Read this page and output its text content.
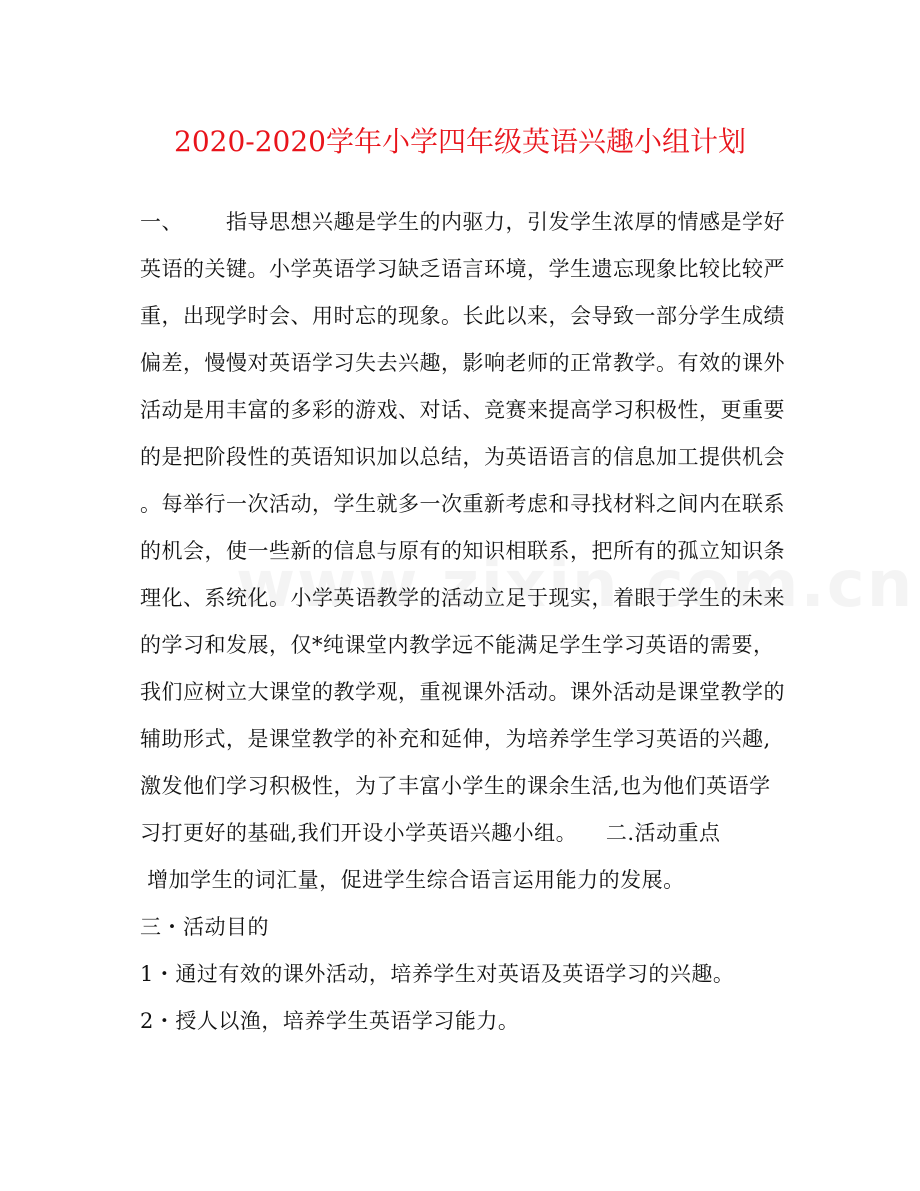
2020-2020学年小学四年级英语兴趣小组计划
一、      指导思想兴趣是学生的内驱力，引发学生浓厚的情感是学好
英语的关键。小学英语学习缺乏语言环境，学生遗忘现象比较比较严
重，出现学时会、用时忘的现象。长此以来，会导致一部分学生成绩
偏差，慢慢对英语学习失去兴趣，影响老师的正常教学。有效的课外
活动是用丰富的多彩的游戏、对话、竞赛来提高学习积极性，更重要
的是把阶段性的英语知识加以总结，为英语语言的信息加工提供机会
。每举行一次活动，学生就多一次重新考虑和寻找材料之间内在联系
的机会，使一些新的信息与原有的知识相联系，把所有的孤立知识条
理化、系统化。小学英语教学的活动立足于现实，着眼于学生的未来
的学习和发展，仅*纯课堂内教学远不能满足学生学习英语的需要，
我们应树立大课堂的教学观，重视课外活动。课外活动是课堂教学的
辅助形式，是课堂教学的补充和延伸，为培养学生学习英语的兴趣,
激发他们学习积极性，为了丰富小学生的课余生活,也为他们英语学
习打更好的基础,我们开设小学英语兴趣小组。    二.活动重点
增加学生的词汇量，促进学生综合语言运用能力的发展。
三・活动目的
1・通过有效的课外活动，培养学生对英语及英语学习的兴趣。
2・授人以渔，培养学生英语学习能力。
